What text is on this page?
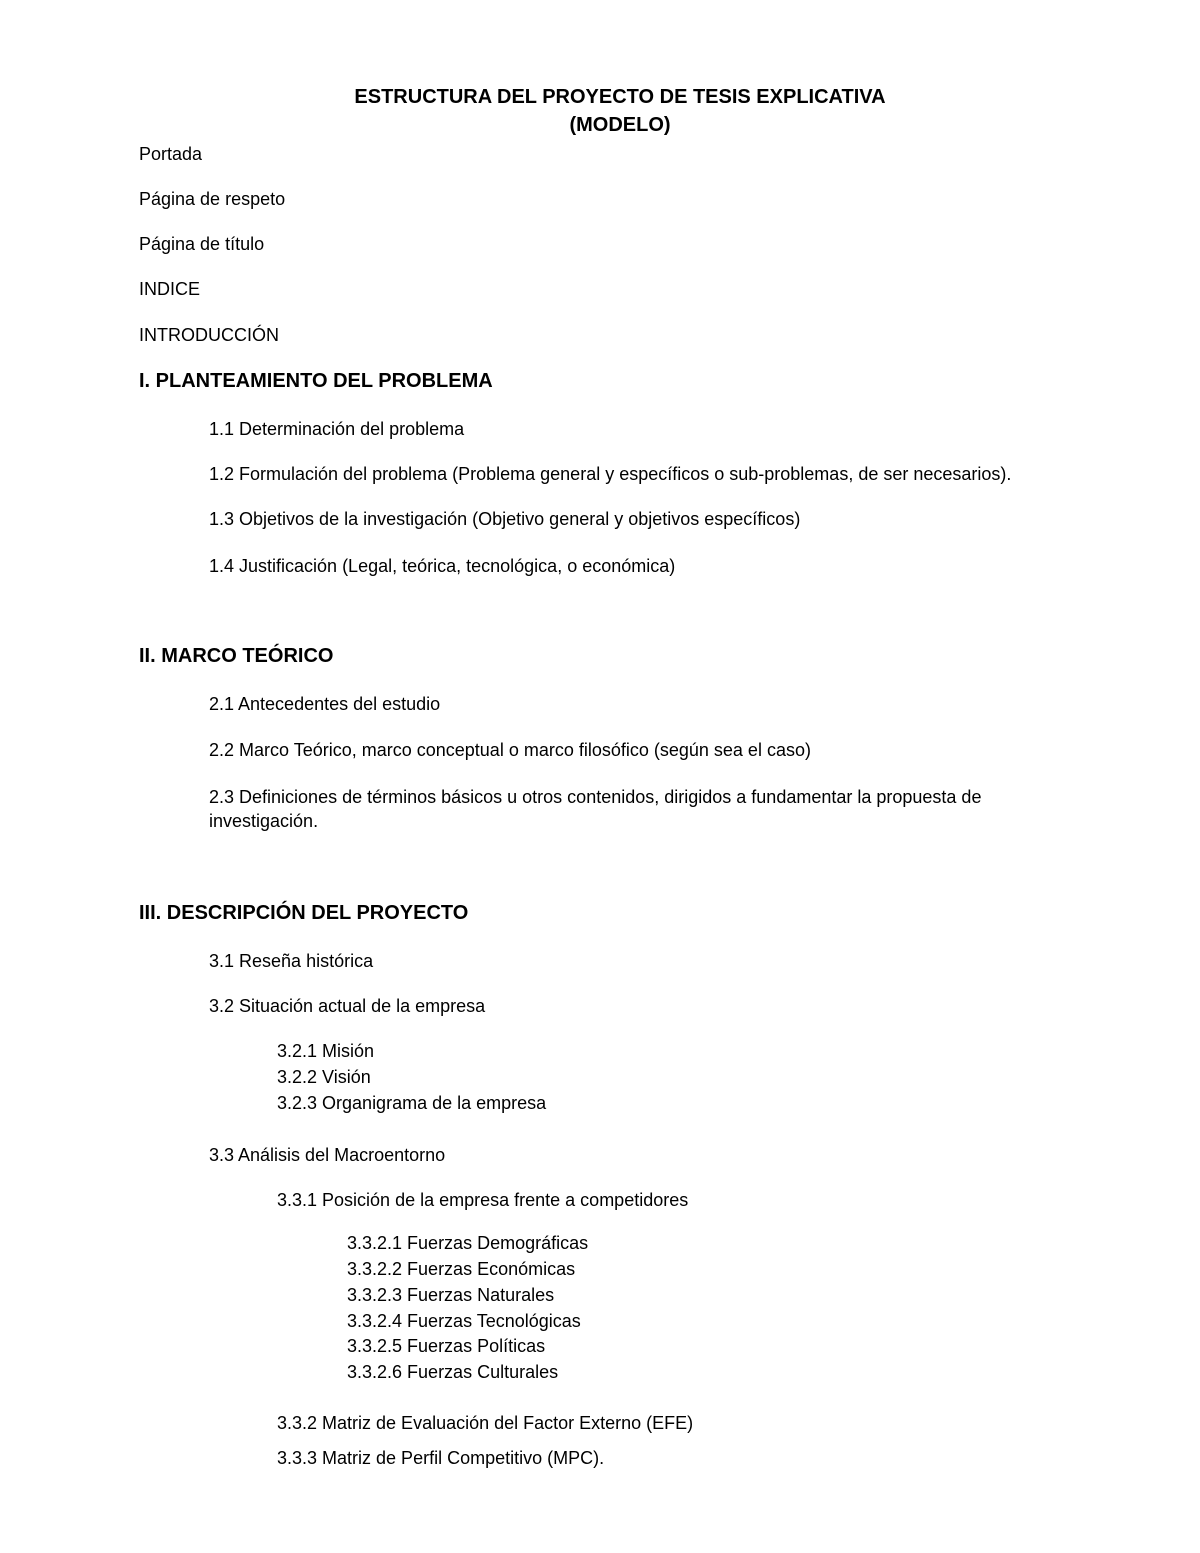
ESTRUCTURA DEL PROYECTO DE TESIS EXPLICATIVA
(MODELO)
Portada
Página de respeto
Página de título
INDICE
INTRODUCCIÓN
I. PLANTEAMIENTO DEL PROBLEMA
1.1 Determinación del problema
1.2 Formulación del problema (Problema general y específicos o sub-problemas, de ser necesarios).
1.3 Objetivos de la investigación (Objetivo general y objetivos específicos)
1.4 Justificación (Legal, teórica, tecnológica, o económica)
II. MARCO TEÓRICO
2.1 Antecedentes del estudio
2.2 Marco Teórico, marco conceptual o marco filosófico (según sea el caso)
2.3 Definiciones de términos básicos u otros contenidos, dirigidos a fundamentar la propuesta de investigación.
III. DESCRIPCIÓN DEL PROYECTO
3.1 Reseña histórica
3.2 Situación actual de la empresa
3.2.1 Misión
3.2.2 Visión
3.2.3 Organigrama de la empresa
3.3 Análisis del Macroentorno
3.3.1 Posición de la empresa frente a competidores
3.3.2.1 Fuerzas Demográficas
3.3.2.2 Fuerzas Económicas
3.3.2.3 Fuerzas Naturales
3.3.2.4 Fuerzas Tecnológicas
3.3.2.5 Fuerzas Políticas
3.3.2.6 Fuerzas Culturales
3.3.2 Matriz de Evaluación del Factor Externo (EFE)
3.3.3 Matriz de Perfil Competitivo (MPC).
